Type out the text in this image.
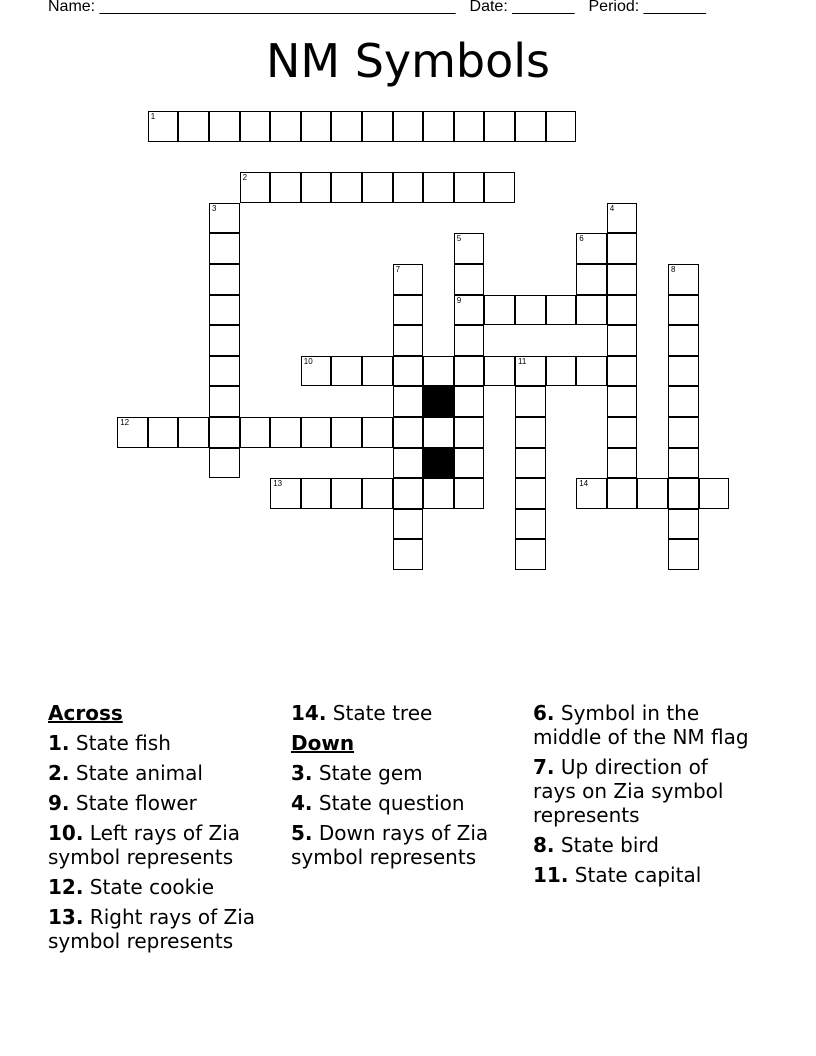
Name: ________________________________________ Date: _______ Period: _______
NM Symbols
1
2
3	4
5
9
6
7	8
10	11
12
13	14
Across
1. State fish
2. State animal
9. State flower
10. Left rays of Zia symbol represents
12. State cookie
13. Right rays of Zia symbol represents
14. State tree
Down
3. State gem
4. State question
5. Down rays of Zia symbol represents
6. Symbol in the middle of the NM flag
7. Up direction of rays on Zia symbol represents
8. State bird
11. State capital
